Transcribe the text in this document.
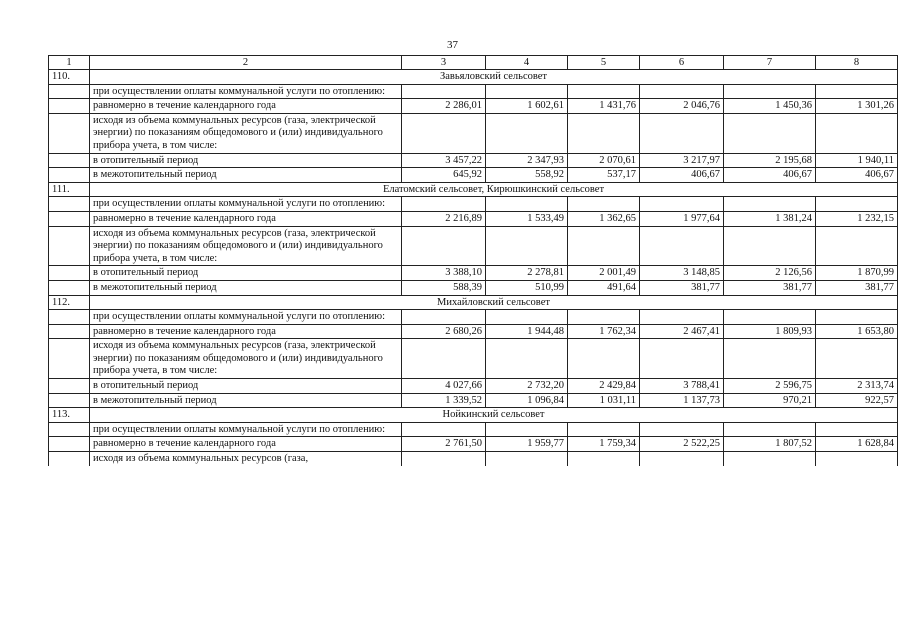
37
1	2	3	4	5	6	7	8
110.	Завьяловский сельсовет						
	при осуществлении оплаты коммунальной услуги по отоплению:						
	равномерно в течение календарного года	2 286,01	1 602,61	1 431,76	2 046,76	1 450,36	1 301,26
	исходя из объема коммунальных ресурсов (газа, электрической энергии) по показаниям общедомового и (или) индивидуального прибора учета, в том числе:						
	в отопительный период	3 457,22	2 347,93	2 070,61	3 217,97	2 195,68	1 940,11
	в межотопительный период	645,92	558,92	537,17	406,67	406,67	406,67
111.	Елатомский сельсовет, Кирюшкинский сельсовет						
	при осуществлении оплаты коммунальной услуги по отоплению:						
	равномерно в течение календарного года	2 216,89	1 533,49	1 362,65	1 977,64	1 381,24	1 232,15
	исходя из объема коммунальных ресурсов (газа, электрической энергии) по показаниям общедомового и (или) индивидуального прибора учета, в том числе:						
	в отопительный период	3 388,10	2 278,81	2 001,49	3 148,85	2 126,56	1 870,99
	в межотопительный период	588,39	510,99	491,64	381,77	381,77	381,77
112.	Михайловский сельсовет						
	при осуществлении оплаты коммунальной услуги по отоплению:						
	равномерно в течение календарного года	2 680,26	1 944,48	1 762,34	2 467,41	1 809,93	1 653,80
	исходя из объема коммунальных ресурсов (газа, электрической энергии) по показаниям общедомового и (или) индивидуального прибора учета, в том числе:						
	в отопительный период	4 027,66	2 732,20	2 429,84	3 788,41	2 596,75	2 313,74
	в межотопительный период	1 339,52	1 096,84	1 031,11	1 137,73	970,21	922,57
113.	Нойкинский сельсовет						
	при осуществлении оплаты коммунальной услуги по отоплению:						
	равномерно в течение календарного года	2 761,50	1 959,77	1 759,34	2 522,25	1 807,52	1 628,84
	исходя из объема коммунальных ресурсов (газа,						
